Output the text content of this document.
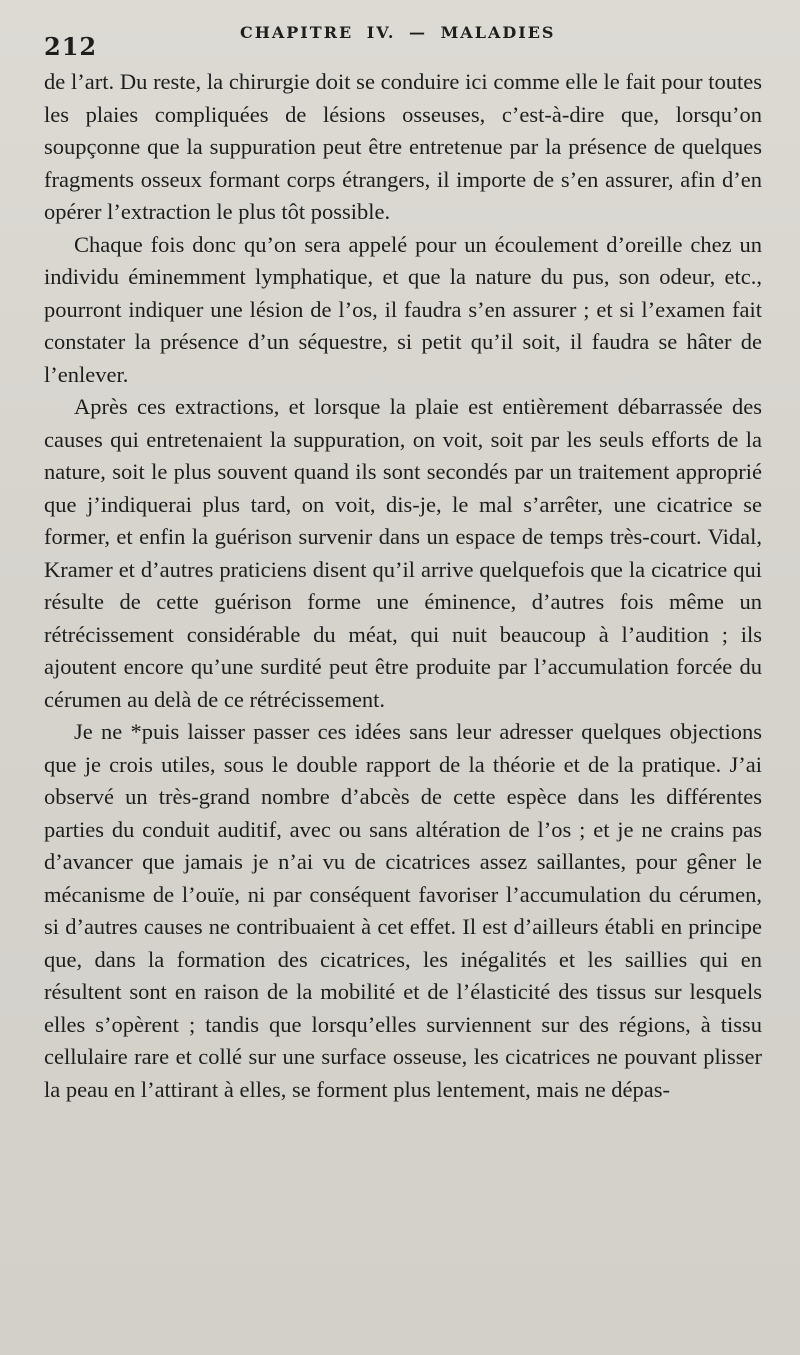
212	CHAPITRE IV. — MALADIES

de l’art. Du reste, la chirurgie doit se conduire ici comme elle le fait pour toutes les plaies compliquées de lésions osseuses, c’est-à-dire que, lorsqu’on soupçonne que la suppuration peut être entretenue par la présence de quelques fragments osseux formant corps étrangers, il importe de s’en assurer, afin d’en opérer l’extraction le plus tôt possible.

Chaque fois donc qu’on sera appelé pour un écoulement d’oreille chez un individu éminemment lymphatique, et que la nature du pus, son odeur, etc., pourront indiquer une lésion de l’os, il faudra s’en assurer ; et si l’examen fait constater la présence d’un séquestre, si petit qu’il soit, il faudra se hâter de l’enlever.

Après ces extractions, et lorsque la plaie est entièrement débarrassée des causes qui entretenaient la suppuration, on voit, soit par les seuls efforts de la nature, soit le plus souvent quand ils sont secondés par un traitement approprié que j’indiquerai plus tard, on voit, dis-je, le mal s’arrêter, une cicatrice se former, et enfin la guérison survenir dans un espace de temps très-court. Vidal, Kramer et d’autres praticiens disent qu’il arrive quelquefois que la cicatrice qui résulte de cette guérison forme une éminence, d’autres fois même un rétrécissement considérable du méat, qui nuit beaucoup à l’audition ; ils ajoutent encore qu’une surdité peut être produite par l’accumulation forcée du cérumen au delà de ce rétrécissement.

Je ne *puis laisser passer ces idées sans leur adresser quelques objections que je crois utiles, sous le double rapport de la théorie et de la pratique. J’ai observé un très-grand nombre d’abcès de cette espèce dans les différentes parties du conduit auditif, avec ou sans altération de l’os ; et je ne crains pas d’avancer que jamais je n’ai vu de cicatrices assez saillantes, pour gêner le mécanisme de l’ouïe, ni par conséquent favoriser l’accumulation du cérumen, si d’autres causes ne contribuaient à cet effet. Il est d’ailleurs établi en principe que, dans la formation des cicatrices, les inégalités et les saillies qui en résultent sont en raison de la mobilité et de l’élasticité des tissus sur lesquels elles s’opèrent ; tandis que lorsqu’elles surviennent sur des régions, à tissu cellulaire rare et collé sur une surface osseuse, les cicatrices ne pouvant plisser la peau en l’attirant à elles, se forment plus lentement, mais ne dépas-
